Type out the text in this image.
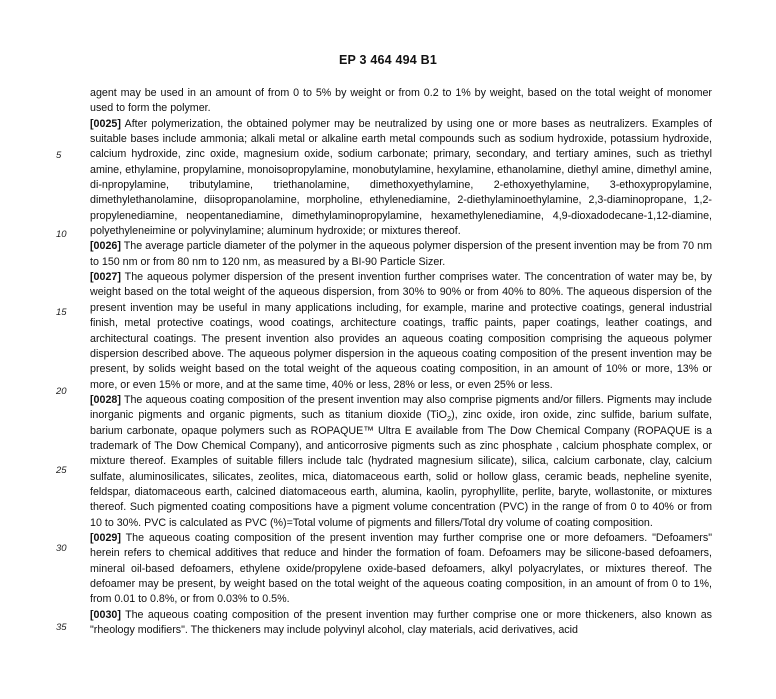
EP 3 464 494 B1
5
10
15
20
25
30
35

agent may be used in an amount of from 0 to 5% by weight or from 0.2 to 1% by weight, based on the total weight of monomer used to form the polymer.

[0025] After polymerization, the obtained polymer may be neutralized by using one or more bases as neutralizers. Examples of suitable bases include ammonia; alkali metal or alkaline earth metal compounds such as sodium hydroxide, potassium hydroxide, calcium hydroxide, zinc oxide, magnesium oxide, sodium carbonate; primary, secondary, and tertiary amines, such as triethyl amine, ethylamine, propylamine, monoisopropylamine, monobutylamine, hexylamine, ethanolamine, diethyl amine, dimethyl amine, di-npropylamine, tributylamine, triethanolamine, dimethoxyethylamine, 2-ethoxyethylamine, 3-ethoxypropylamine, dimethylethanolamine, diisopropanolamine, morpholine, ethylenediamine, 2-diethylaminoethylamine, 2,3-diaminopropane, 1,2-propylenediamine, neopentanediamine, dimethylaminopropylamine, hexamethylenediamine, 4,9-dioxadodecane-1,12-diamine, polyethyleneimine or polyvinylamine; aluminum hydroxide; or mixtures thereof.

[0026] The average particle diameter of the polymer in the aqueous polymer dispersion of the present invention may be from 70 nm to 150 nm or from 80 nm to 120 nm, as measured by a BI-90 Particle Sizer.

[0027] The aqueous polymer dispersion of the present invention further comprises water. The concentration of water may be, by weight based on the total weight of the aqueous dispersion, from 30% to 90% or from 40% to 80%. The aqueous dispersion of the present invention may be useful in many applications including, for example, marine and protective coatings, general industrial finish, metal protective coatings, wood coatings, architecture coatings, traffic paints, paper coatings, leather coatings, and architectural coatings. The present invention also provides an aqueous coating composition comprising the aqueous polymer dispersion described above. The aqueous polymer dispersion in the aqueous coating composition of the present invention may be present, by solids weight based on the total weight of the aqueous coating composition, in an amount of 10% or more, 13% or more, or even 15% or more, and at the same time, 40% or less, 28% or less, or even 25% or less.

[0028] The aqueous coating composition of the present invention may also comprise pigments and/or fillers. Pigments may include inorganic pigments and organic pigments, such as titanium dioxide (TiO$_2$), zinc oxide, iron oxide, zinc sulfide, barium sulfate, barium carbonate, opaque polymers such as ROPAQUE™ Ultra E available from The Dow Chemical Company (ROPAQUE is a trademark of The Dow Chemical Company), and anticorrosive pigments such as zinc phosphate , calcium phosphate complex, or mixture thereof. Examples of suitable fillers include talc (hydrated magnesium silicate), silica, calcium carbonate, clay, calcium sulfate, aluminosilicates, silicates, zeolites, mica, diatomaceous earth, solid or hollow glass, ceramic beads, nepheline syenite, feldspar, diatomaceous earth, calcined diatomaceous earth, alumina, kaolin, pyrophyllite, perlite, baryte, wollastonite, or mixtures thereof. Such pigmented coating compositions have a pigment volume concentration (PVC) in the range of from 0 to 40% or from 10 to 30%. PVC is calculated as PVC (%)=Total volume of pigments and fillers/Total dry volume of coating composition.

[0029] The aqueous coating composition of the present invention may further comprise one or more defoamers. "Defoamers" herein refers to chemical additives that reduce and hinder the formation of foam. Defoamers may be silicone-based defoamers, mineral oil-based defoamers, ethylene oxide/propylene oxide-based defoamers, alkyl polyacrylates, or mixtures thereof. The defoamer may be present, by weight based on the total weight of the aqueous coating composition, in an amount of from 0 to 1%, from 0.01 to 0.8%, or from 0.03% to 0.5%.

[0030] The aqueous coating composition of the present invention may further comprise one or more thickeners, also known as "rheology modifiers". The thickeners may include polyvinyl alcohol, clay materials, acid derivatives, acid
